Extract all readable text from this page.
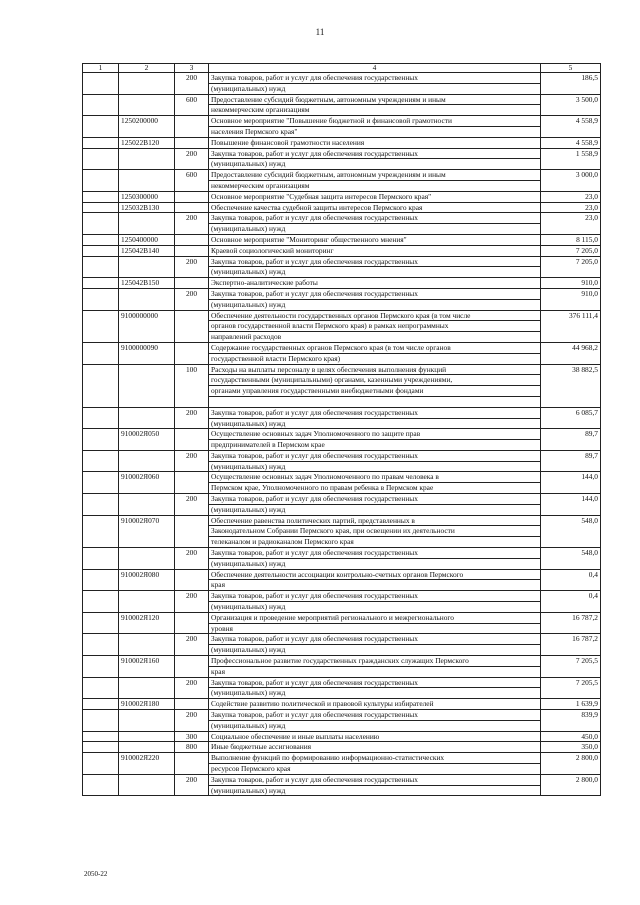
11
1	2	3	4	5
		200	Закупка товаров, работ и услуг для обеспечения государственных
(муниципальных) нужд	186,5
		600	Предоставление субсидий бюджетным, автономным учреждениям и иным
некоммерческим организациям	3 500,0
	1250200000		Основное мероприятие "Повышение бюджетной и финансовой грамотности
населения Пермского края"	4 558,9
	125022В120		Повышение финансовой грамотности населения	4 558,9
		200	Закупка товаров, работ и услуг для обеспечения государственных
(муниципальных) нужд	1 558,9
		600	Предоставление субсидий бюджетным, автономным учреждениям и иным
некоммерческим организациям	3 000,0
	1250300000		Основное мероприятие "Судебная защита интересов Пермского края"	23,0
	125032В130		Обеспечение качества судебной защиты интересов Пермского края	23,0
		200	Закупка товаров, работ и услуг для обеспечения государственных
(муниципальных) нужд	23,0
	1250400000		Основное мероприятие "Мониторинг общественного мнения"	8 115,0
	125042В140		Краевой социологический мониторинг	7 205,0
		200	Закупка товаров, работ и услуг для обеспечения государственных
(муниципальных) нужд	7 205,0
	125042В150		Экспертно-аналитические работы	910,0
		200	Закупка товаров, работ и услуг для обеспечения государственных
(муниципальных) нужд	910,0
	9100000000		Обеспечение деятельности государственных органов Пермского края (в том числе
органов государственной власти Пермского края) в рамках непрограммных
направлений расходов	376 111,4
	9100000090		Содержание государственных органов Пермского края (в том числе органов
государственной власти Пермского края)	44 968,2
		100	Расходы на выплаты персоналу в целях обеспечения выполнения функций
государственными (муниципальными) органами, казенными учреждениями,
органами управления государственными внебюджетными фондами	38 882,5
		200	Закупка товаров, работ и услуг для обеспечения государственных
(муниципальных) нужд	6 085,7
	910002Я050		Осуществление основных задач Уполномоченного по защите прав
предпринимателей в Пермском крае	89,7
		200	Закупка товаров, работ и услуг для обеспечения государственных
(муниципальных) нужд	89,7
	910002Я060		Осуществление основных задач Уполномоченного по правам человека в
Пермском крае, Уполномоченного по правам ребенка в Пермском крае	144,0
		200	Закупка товаров, работ и услуг для обеспечения государственных
(муниципальных) нужд	144,0
	910002Я070		Обеспечение равенства политических партий, представленных в
Законодательном Собрании Пермского края, при освещении их деятельности
телеканалом и радиоканалом Пермского края	548,0
		200	Закупка товаров, работ и услуг для обеспечения государственных
(муниципальных) нужд	548,0
	910002Я080		Обеспечение деятельности ассоциации контрольно-счетных органов Пермского
края	0,4
		200	Закупка товаров, работ и услуг для обеспечения государственных
(муниципальных) нужд	0,4
	910002Я120		Организация и проведение мероприятий регионального и межрегионального
уровня	16 787,2
		200	Закупка товаров, работ и услуг для обеспечения государственных
(муниципальных) нужд	16 787,2
	910002Я160		Профессиональное развитие государственных гражданских служащих Пермского
края	7 205,5
		200	Закупка товаров, работ и услуг для обеспечения государственных
(муниципальных) нужд	7 205,5
	910002Я180		Содействие развитию политической и правовой культуры избирателей	1 639,9
		200	Закупка товаров, работ и услуг для обеспечения государственных
(муниципальных) нужд	839,9
		300	Социальное обеспечение и иные выплаты населению	450,0
		800	Иные бюджетные ассигнования	350,0
	910002Я220		Выполнение функций по формированию информационно-статистических
ресурсов Пермского края	2 800,0
		200	Закупка товаров, работ и услуг для обеспечения государственных
(муниципальных) нужд	2 800,0
2050-22
